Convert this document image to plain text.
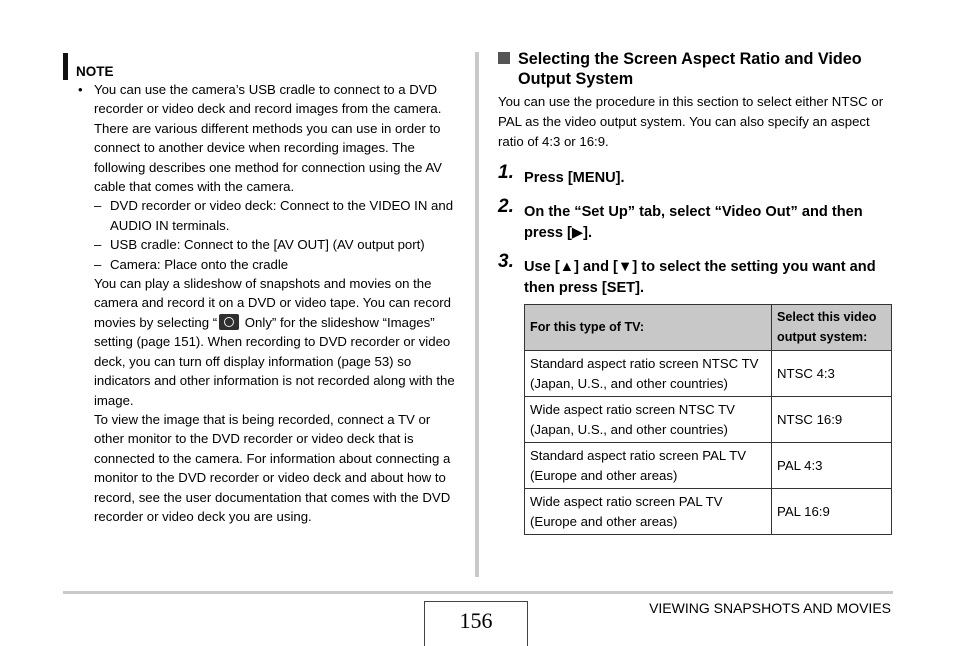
NOTE
• You can use the camera’s USB cradle to connect to a DVD recorder or video deck and record images from the camera. There are various different methods you can use in order to connect to another device when recording images. The following describes one method for connection using the AV cable that comes with the camera.
– DVD recorder or video deck: Connect to the VIDEO IN and AUDIO IN terminals.
– USB cradle: Connect to the [AV OUT] (AV output port)
– Camera: Place onto the cradle
You can play a slideshow of snapshots and movies on the camera and record it on a DVD or video tape. You can record movies by selecting “ Only” for the slideshow “Images” setting (page 151). When recording to DVD recorder or video deck, you can turn off display information (page 53) so indicators and other information is not recorded along with the image.
To view the image that is being recorded, connect a TV or other monitor to the DVD recorder or video deck that is connected to the camera. For information about connecting a monitor to the DVD recorder or video deck and about how to record, see the user documentation that comes with the DVD recorder or video deck you are using.
Selecting the Screen Aspect Ratio and Video Output System
You can use the procedure in this section to select either NTSC or PAL as the video output system. You can also specify an aspect ratio of 4:3 or 16:9.
1. Press [MENU].
2. On the “Set Up” tab, select “Video Out” and then press [▶].
3. Use [▲] and [▼] to select the setting you want and then press [SET].
For this type of TV:	Select this video output system:
Standard aspect ratio screen NTSC TV (Japan, U.S., and other countries)	NTSC 4:3
Wide aspect ratio screen NTSC TV (Japan, U.S., and other countries)	NTSC 16:9
Standard aspect ratio screen PAL TV (Europe and other areas)	PAL 4:3
Wide aspect ratio screen PAL TV (Europe and other areas)	PAL 16:9
156	VIEWING SNAPSHOTS AND MOVIES
